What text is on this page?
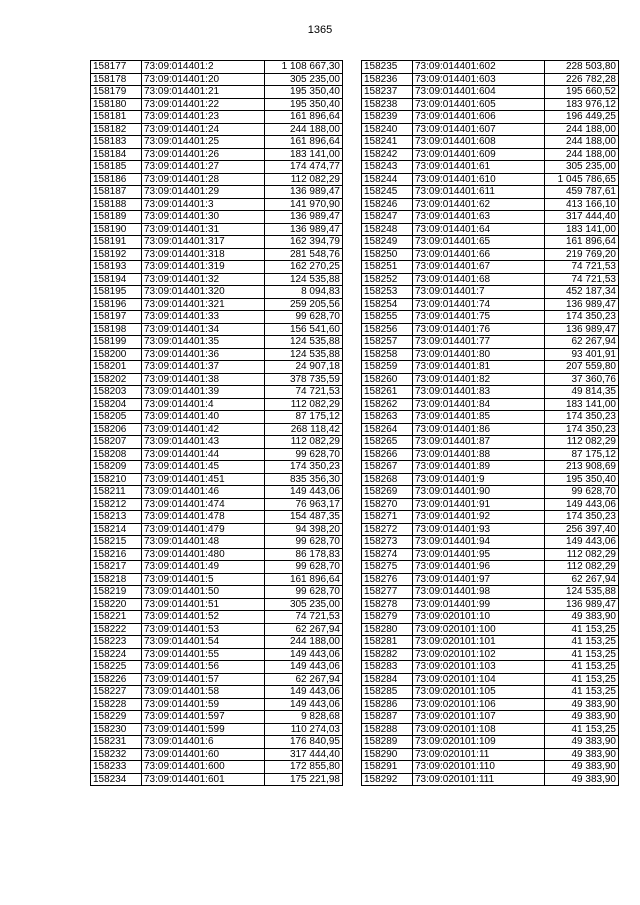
1365
158177	73:09:014401:2	1 108 667,30
158178	73:09:014401:20	305 235,00
158179	73:09:014401:21	195 350,40
158180	73:09:014401:22	195 350,40
158181	73:09:014401:23	161 896,64
158182	73:09:014401:24	244 188,00
158183	73:09:014401:25	161 896,64
158184	73:09:014401:26	183 141,00
158185	73:09:014401:27	174 474,77
158186	73:09:014401:28	112 082,29
158187	73:09:014401:29	136 989,47
158188	73:09:014401:3	141 970,90
158189	73:09:014401:30	136 989,47
158190	73:09:014401:31	136 989,47
158191	73:09:014401:317	162 394,79
158192	73:09:014401:318	281 548,76
158193	73:09:014401:319	162 270,25
158194	73:09:014401:32	124 535,88
158195	73:09:014401:320	8 094,83
158196	73:09:014401:321	259 205,56
158197	73:09:014401:33	99 628,70
158198	73:09:014401:34	156 541,60
158199	73:09:014401:35	124 535,88
158200	73:09:014401:36	124 535,88
158201	73:09:014401:37	24 907,18
158202	73:09:014401:38	378 735,59
158203	73:09:014401:39	74 721,53
158204	73:09:014401:4	112 082,29
158205	73:09:014401:40	87 175,12
158206	73:09:014401:42	268 118,42
158207	73:09:014401:43	112 082,29
158208	73:09:014401:44	99 628,70
158209	73:09:014401:45	174 350,23
158210	73:09:014401:451	835 356,30
158211	73:09:014401:46	149 443,06
158212	73:09:014401:474	76 963,17
158213	73:09:014401:478	154 487,35
158214	73:09:014401:479	94 398,20
158215	73:09:014401:48	99 628,70
158216	73:09:014401:480	86 178,83
158217	73:09:014401:49	99 628,70
158218	73:09:014401:5	161 896,64
158219	73:09:014401:50	99 628,70
158220	73:09:014401:51	305 235,00
158221	73:09:014401:52	74 721,53
158222	73:09:014401:53	62 267,94
158223	73:09:014401:54	244 188,00
158224	73:09:014401:55	149 443,06
158225	73:09:014401:56	149 443,06
158226	73:09:014401:57	62 267,94
158227	73:09:014401:58	149 443,06
158228	73:09:014401:59	149 443,06
158229	73:09:014401:597	9 828,68
158230	73:09:014401:599	110 274,03
158231	73:09:014401:6	176 840,95
158232	73:09:014401:60	317 444,40
158233	73:09:014401:600	172 855,80
158234	73:09:014401:601	175 221,98
158235	73:09:014401:602	228 503,80
158236	73:09:014401:603	226 782,28
158237	73:09:014401:604	195 660,52
158238	73:09:014401:605	183 976,12
158239	73:09:014401:606	196 449,25
158240	73:09:014401:607	244 188,00
158241	73:09:014401:608	244 188,00
158242	73:09:014401:609	244 188,00
158243	73:09:014401:61	305 235,00
158244	73:09:014401:610	1 045 786,65
158245	73:09:014401:611	459 787,61
158246	73:09:014401:62	413 166,10
158247	73:09:014401:63	317 444,40
158248	73:09:014401:64	183 141,00
158249	73:09:014401:65	161 896,64
158250	73:09:014401:66	219 769,20
158251	73:09:014401:67	74 721,53
158252	73:09:014401:68	74 721,53
158253	73:09:014401:7	452 187,34
158254	73:09:014401:74	136 989,47
158255	73:09:014401:75	174 350,23
158256	73:09:014401:76	136 989,47
158257	73:09:014401:77	62 267,94
158258	73:09:014401:80	93 401,91
158259	73:09:014401:81	207 559,80
158260	73:09:014401:82	37 360,76
158261	73:09:014401:83	49 814,35
158262	73:09:014401:84	183 141,00
158263	73:09:014401:85	174 350,23
158264	73:09:014401:86	174 350,23
158265	73:09:014401:87	112 082,29
158266	73:09:014401:88	87 175,12
158267	73:09:014401:89	213 908,69
158268	73:09:014401:9	195 350,40
158269	73:09:014401:90	99 628,70
158270	73:09:014401:91	149 443,06
158271	73:09:014401:92	174 350,23
158272	73:09:014401:93	256 397,40
158273	73:09:014401:94	149 443,06
158274	73:09:014401:95	112 082,29
158275	73:09:014401:96	112 082,29
158276	73:09:014401:97	62 267,94
158277	73:09:014401:98	124 535,88
158278	73:09:014401:99	136 989,47
158279	73:09:020101:10	49 383,90
158280	73:09:020101:100	41 153,25
158281	73:09:020101:101	41 153,25
158282	73:09:020101:102	41 153,25
158283	73:09:020101:103	41 153,25
158284	73:09:020101:104	41 153,25
158285	73:09:020101:105	41 153,25
158286	73:09:020101:106	49 383,90
158287	73:09:020101:107	49 383,90
158288	73:09:020101:108	41 153,25
158289	73:09:020101:109	49 383,90
158290	73:09:020101:11	49 383,90
158291	73:09:020101:110	49 383,90
158292	73:09:020101:111	49 383,90
